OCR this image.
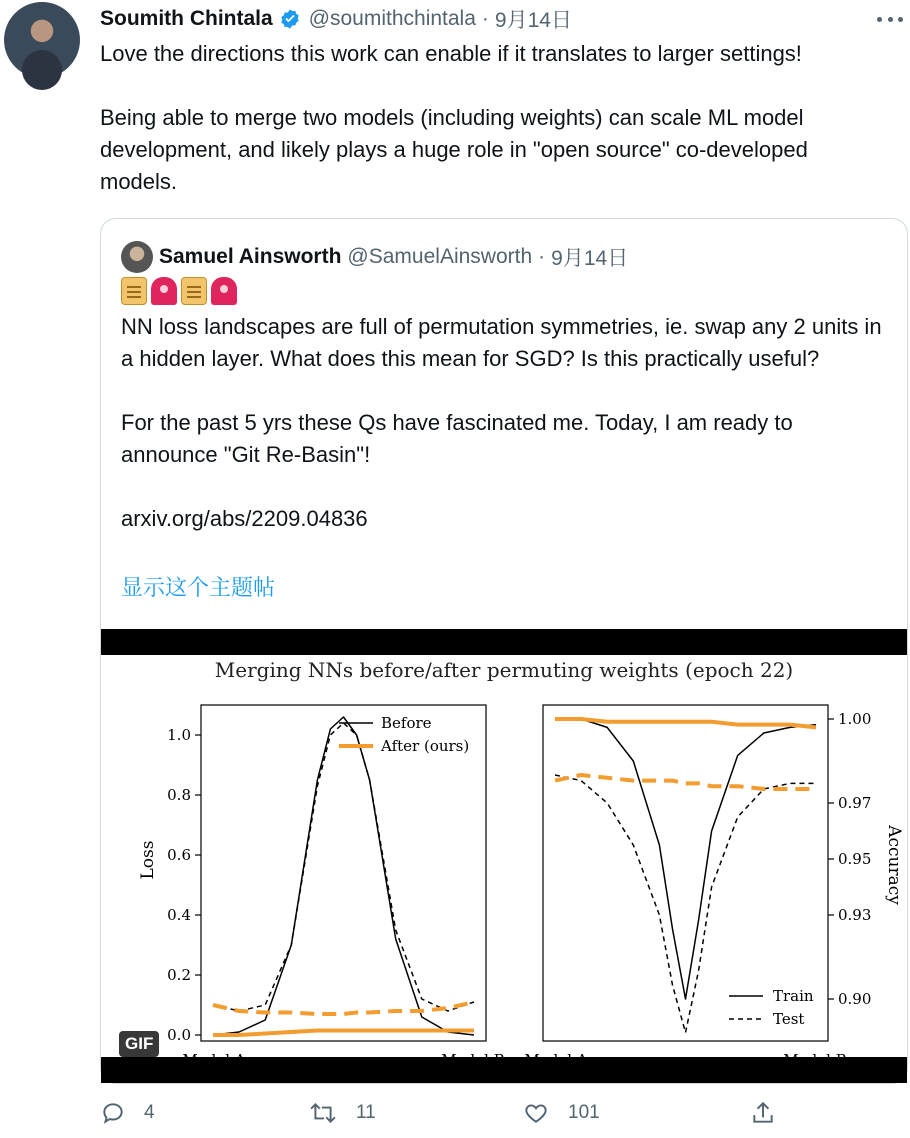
Soumith Chintala @soumithchintala · 9月14日
Love the directions this work can enable if it translates to larger settings!

Being able to merge two models (including weights) can scale ML model development, and likely plays a huge role in "open source" co-developed models.
Samuel Ainsworth @SamuelAinsworth · 9月14日
NN loss landscapes are full of permutation symmetries, ie. swap any 2 units in a hidden layer. What does this mean for SGD? Is this practically useful?

For the past 5 yrs these Qs have fascinated me. Today, I am ready to announce "Git Re-Basin"!

arxiv.org/abs/2209.04836
显示这个主题帖
Merging NNs before/after permuting weights (epoch 22)
Loss
Model A	Model B
0.0
0.2
0.4
0.6
0.8
1.0
Before
After (ours)
Accuracy
Model A	Model B
0.90
0.93
0.95
0.97
1.00
Train
Test
GIF
4	11	101
